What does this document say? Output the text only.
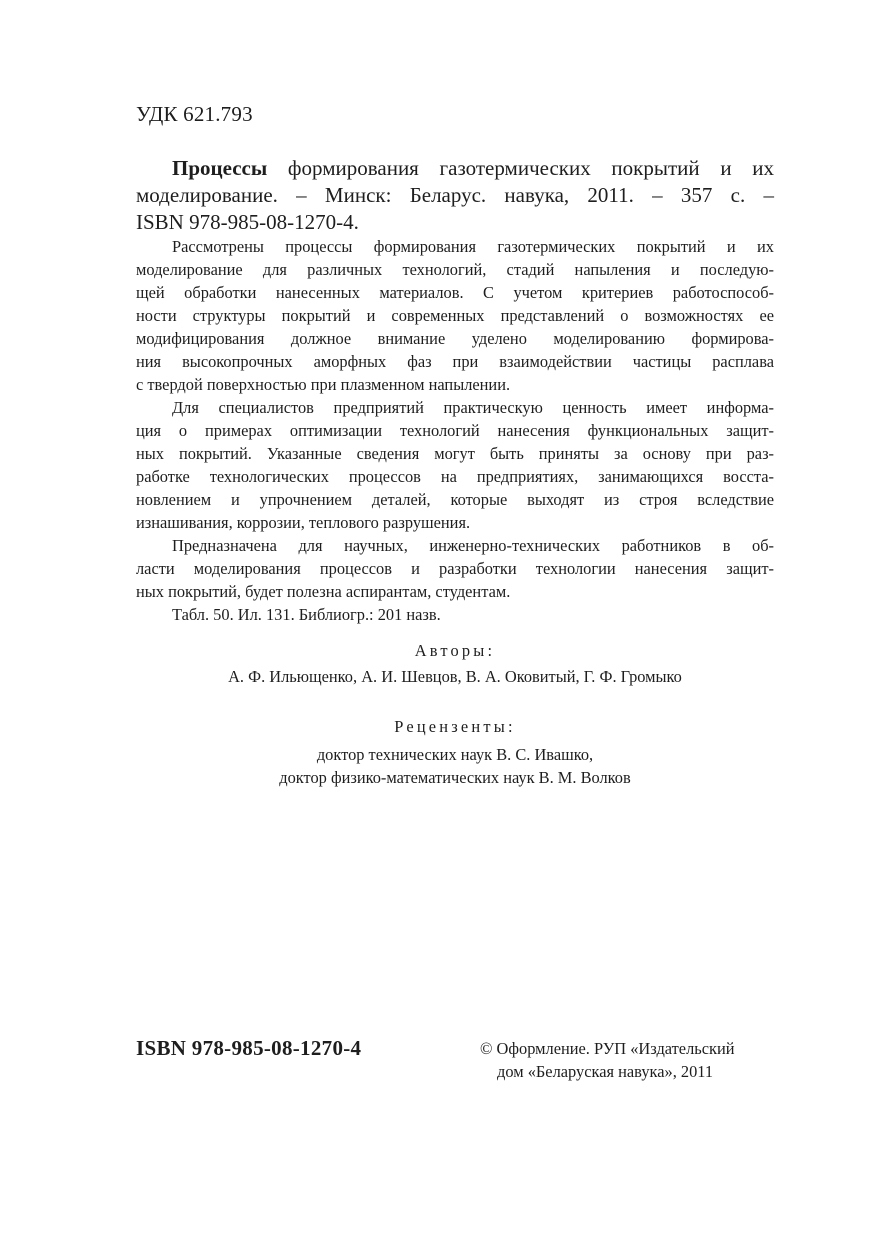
УДК 621.793
Процессы формирования газотермических покрытий и их
моделирование. – Минск: Беларус. навука, 2011. – 357 с. –
ISBN 978-985-08-1270-4.
Рассмотрены процессы формирования газотермических покрытий и их
моделирование для различных технологий, стадий напыления и последую-
щей обработки нанесенных материалов. С учетом критериев работоспособ-
ности структуры покрытий и современных представлений о возможностях ее
модифицирования должное внимание уделено моделированию формирова-
ния высокопрочных аморфных фаз при взаимодействии частицы расплава
с твердой поверхностью при плазменном напылении.
Для специалистов предприятий практическую ценность имеет информа-
ция о примерах оптимизации технологий нанесения функциональных защит-
ных покрытий. Указанные сведения могут быть приняты за основу при раз-
работке технологических процессов на предприятиях, занимающихся восста-
новлением и упрочнением деталей, которые выходят из строя вследствие
изнашивания, коррозии, теплового разрушения.
Предназначена для научных, инженерно-технических работников в об-
ласти моделирования процессов и разработки технологии нанесения защит-
ных покрытий, будет полезна аспирантам, студентам.
Табл. 50. Ил. 131. Библиогр.: 201 назв.
Авторы:
А. Ф. Ильющенко, А. И. Шевцов, В. А. Оковитый, Г. Ф. Громыко
Рецензенты:
доктор технических наук В. С. Ивашко,
доктор физико-математических наук В. М. Волков
ISBN 978-985-08-1270-4	© Оформление. РУП «Издательский
дом «Беларуская навука», 2011
